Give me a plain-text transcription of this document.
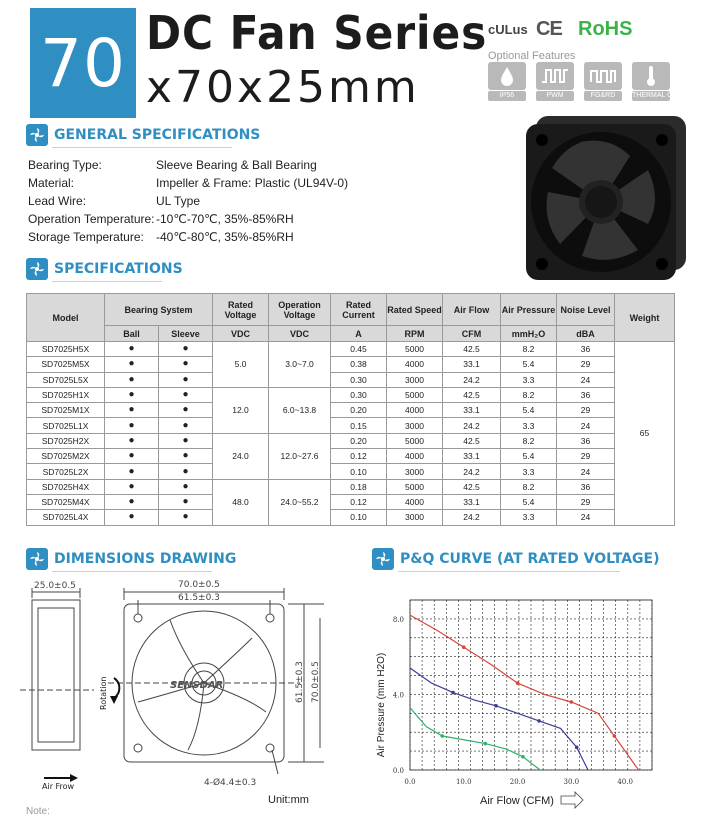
70 DC Fan Series
x70x25mm
cULus CE RoHS
Optional Features
IP56	PWM	FG&RD	THERMAL CONTROL
GENERAL SPECIFICATIONS
Bearing Type:	Sleeve Bearing & Ball Bearing
Material:	Impeller & Frame: Plastic (UL94V-0)
Lead Wire:	UL Type
Operation Temperature: -10℃-70℃, 35%-85%RH
Storage Temperature:	-40℃-80℃, 35%-85%RH
SPECIFICATIONS
Model	Bearing System		Rated Voltage	Operation Voltage	Rated Current	Rated Speed	Air Flow	Air Pressure	Noise Level	Weight
	Ball	Sleeve	VDC	VDC	A	RPM	CFM	mmH₂O	dBA	
SD7025H5X	●	●	5.0	3.0~7.0	0.45	5000	42.5	8.2	36	65
SD7025M5X	●	●			0.38	4000	33.1	5.4	29	
SD7025L5X	●	●			0.30	3000	24.2	3.3	24	
SD7025H1X	●	●	12.0	6.0~13.8	0.30	5000	42.5	8.2	36	
SD7025M1X	●	●			0.20	4000	33.1	5.4	29	
SD7025L1X	●	●			0.15	3000	24.2	3.3	24	
SD7025H2X	●	●	24.0	12.0~27.6	0.20	5000	42.5	8.2	36	
SD7025M2X	●	●			0.12	4000	33.1	5.4	29	
SD7025L2X	●	●			0.10	3000	24.2	3.3	24	
SD7025H4X	●	●	48.0	24.0~55.2	0.18	5000	42.5	8.2	36	
SD7025M4X	●	●			0.12	4000	33.1	5.4	29	
SD7025L4X	●	●			0.10	3000	24.2	3.3	24	
DIMENSIONS DRAWING
25.0±0.5	70.0±0.5
61.5±0.3
61.5±0.3 70.0±0.5
4-Ø4.4±0.3
Rotation
Air Frow
SENSDAR
Unit:mm
Note:
P&Q CURVE (AT RATED VOLTAGE)
0.0	10.0	20.0	30.0	40.0
0.0
4.0
8.0
Air Flow (CFM)
Air Pressure (mm H2O)
